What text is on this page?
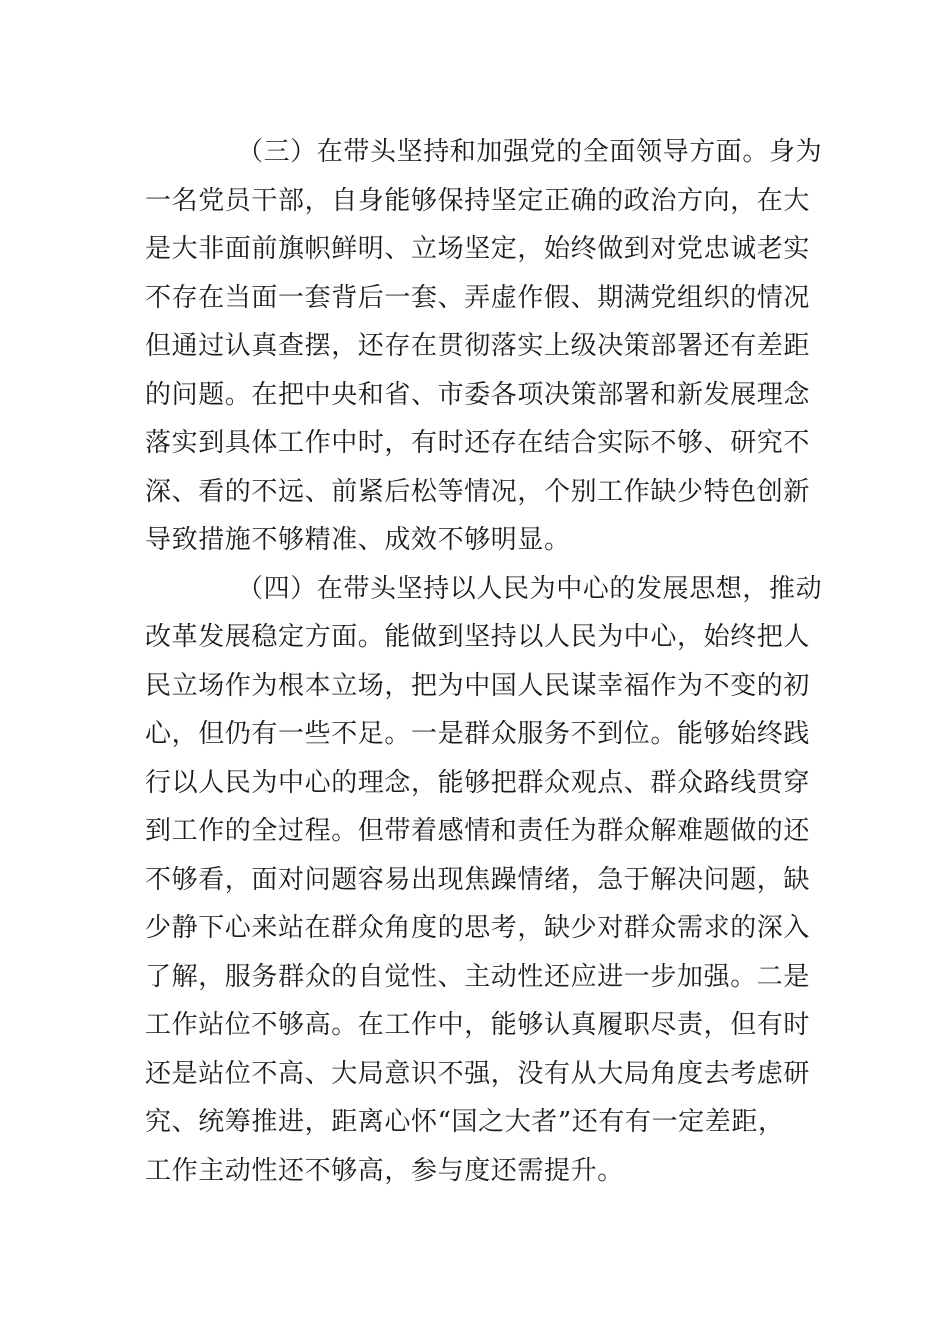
（三）在带头坚持和加强党的全面领导方面。身为
一名党员干部，自身能够保持坚定正确的政治方向，在大
是大非面前旗帜鲜明、立场坚定，始终做到对党忠诚老实
不存在当面一套背后一套、弄虚作假、期满党组织的情况
但通过认真查摆，还存在贯彻落实上级决策部署还有差距
的问题。在把中央和省、市委各项决策部署和新发展理念
落实到具体工作中时，有时还存在结合实际不够、研究不
深、看的不远、前紧后松等情况，个别工作缺少特色创新
导致措施不够精准、成效不够明显。

（四）在带头坚持以人民为中心的发展思想，推动
改革发展稳定方面。能做到坚持以人民为中心，始终把人
民立场作为根本立场，把为中国人民谋幸福作为不变的初
心，但仍有一些不足。一是群众服务不到位。能够始终践
行以人民为中心的理念，能够把群众观点、群众路线贯穿
到工作的全过程。但带着感情和责任为群众解难题做的还
不够看，面对问题容易出现焦躁情绪，急于解决问题，缺
少静下心来站在群众角度的思考，缺少对群众需求的深入
了解，服务群众的自觉性、主动性还应进一步加强。二是
工作站位不够高。在工作中，能够认真履职尽责，但有时
还是站位不高、大局意识不强，没有从大局角度去考虑研
究、统筹推进，距离心怀“国之大者”还有有一定差距，
工作主动性还不够高，参与度还需提升。
